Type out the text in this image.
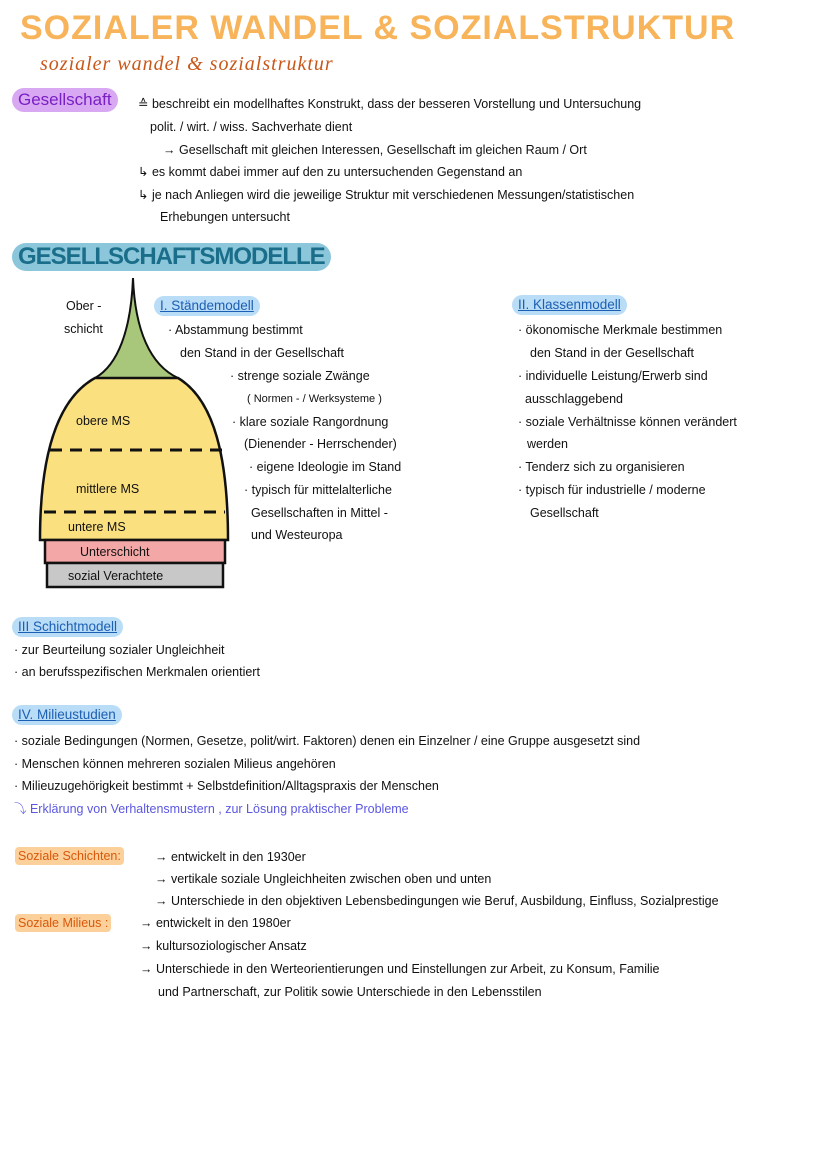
SOZIALER WANDEL & SOZIALSTRUKTUR
sozialer wandel & sozialstruktur
Gesellschaft	≙ beschreibt ein modellhaftes Konstrukt, dass der besseren Vorstellung und Untersuchung
polit. / wirt. / wiss. Sachverhate dient
→ Gesellschaft mit gleichen Interessen, Gesellschaft im gleichen Raum / Ort
↳ es kommt dabei immer auf den zu untersuchenden Gegenstand an
↳ je nach Anliegen wird die jeweilige Struktur mit verschiedenen Messungen/statistischen
Erhebungen untersucht
GESELLSCHAFTSMODELLE
Ober -
schicht
obere MS
mittlere MS
untere MS
Unterschicht
sozial Verachtete
I. Ständemodell
· Abstammung bestimmt
den Stand in der Gesellschaft
· strenge soziale Zwänge
( Normen - / Werksysteme )
· klare soziale Rangordnung
(Dienender - Herrschender)
· eigene Ideologie im Stand
· typisch für mittelalterliche
Gesellschaften in Mittel -
und Westeuropa
II. Klassenmodell
· ökonomische Merkmale bestimmen
den Stand in der Gesellschaft
· individuelle Leistung/Erwerb sind
ausschlaggebend
· soziale Verhältnisse können verändert
werden
· Tenderz sich zu organisieren
· typisch für industrielle / moderne
Gesellschaft
III Schichtmodell
· zur Beurteilung sozialer Ungleichheit
· an berufsspezifischen Merkmalen orientiert
IV. Milieustudien
· soziale Bedingungen (Normen, Gesetze, polit/wirt. Faktoren) denen ein Einzelner / eine Gruppe ausgesetzt sind
· Menschen können mehreren sozialen Milieus angehören
· Milieuzugehörigkeit bestimmt + Selbstdefinition/Alltagspraxis der Menschen
⤵ Erklärung von Verhaltensmustern , zur Lösung praktischer Probleme
Soziale Schichten:	→ entwickelt in den 1930er
→ vertikale soziale Ungleichheiten zwischen oben und unten
→ Unterschiede in den objektiven Lebensbedingungen wie Beruf, Ausbildung, Einfluss, Sozialprestige
Soziale Milieus :	→ entwickelt in den 1980er
→ kultursoziologischer Ansatz
→ Unterschiede in den Werteorientierungen und Einstellungen zur Arbeit, zu Konsum, Familie
und Partnerschaft, zur Politik sowie Unterschiede in den Lebensstilen
